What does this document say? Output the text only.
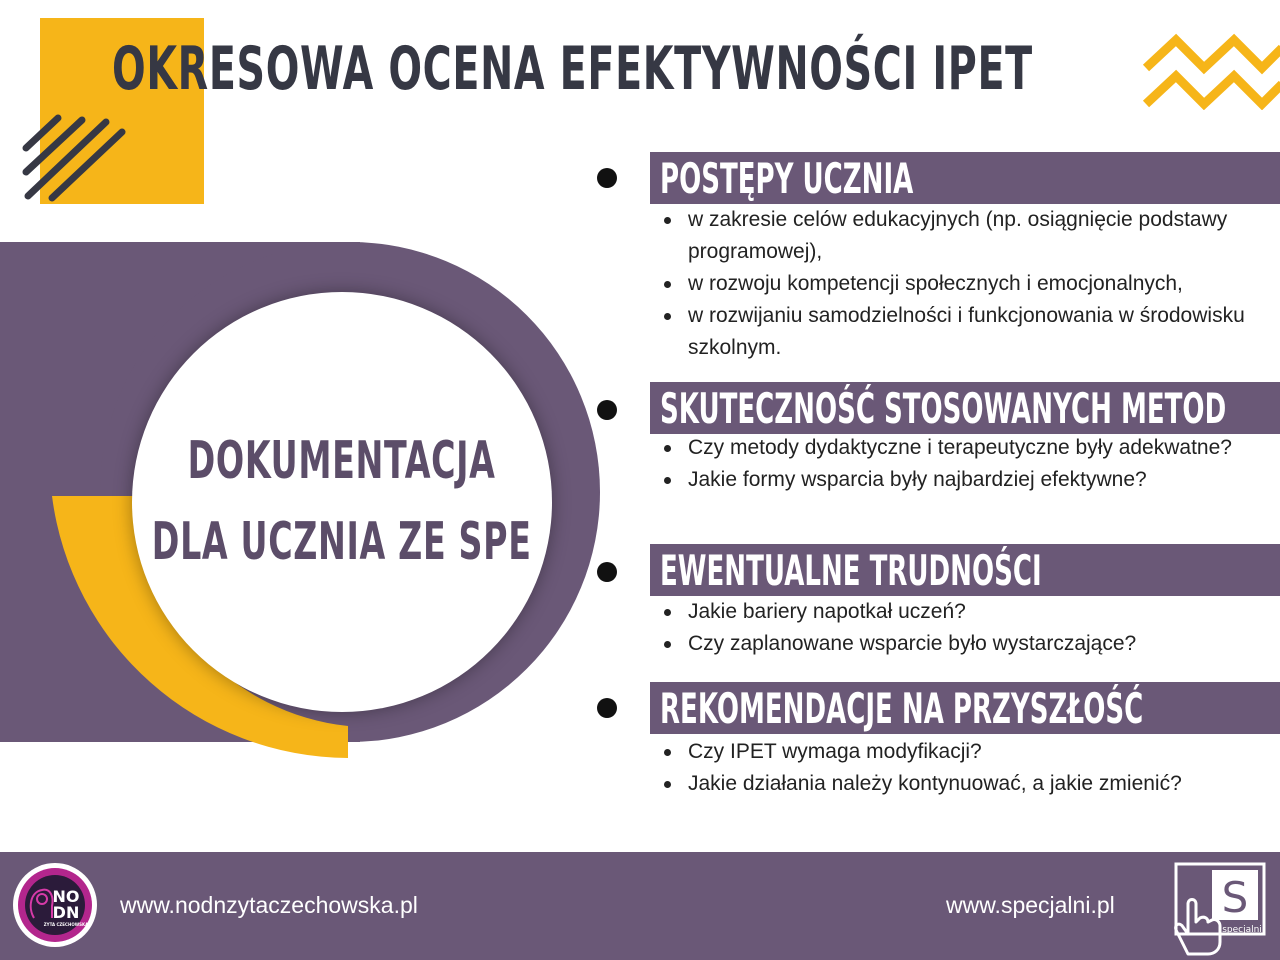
OKRESOWA OCENA EFEKTYWNOŚCI IPET
DOKUMENTACJA
DLA UCZNIA ZE SPE
POSTĘPY UCZNIA
w zakresie celów edukacyjnych (np. osiągnięcie podstawy programowej),
w rozwoju kompetencji społecznych i emocjonalnych,
w rozwijaniu samodzielności i funkcjonowania w środowisku szkolnym.
SKUTECZNOŚĆ STOSOWANYCH METOD
Czy metody dydaktyczne i terapeutyczne były adekwatne?
Jakie formy wsparcia były najbardziej efektywne?
EWENTUALNE TRUDNOŚCI
Jakie bariery napotkał uczeń?
Czy zaplanowane wsparcie było wystarczające?
REKOMENDACJE NA PRZYSZŁOŚĆ
Czy IPET wymaga modyfikacji?
Jakie działania należy kontynuować, a jakie zmienić?
NO
DN
ZYTA CZECHOWSKA
www.nodnzytaczechowska.pl	www.specjalni.pl	S
specjalni
